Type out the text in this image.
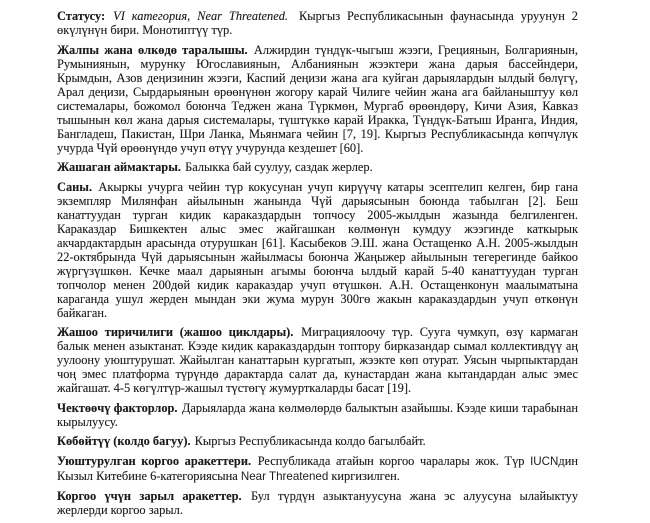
Статусу: VI категория, Near Threatened. Кыргыз Республикасынын фаунасында уруунун 2 өкүлүнүн бири. Монотиптүү түр.

Жалпы жана өлкөдө таралышы. Алжирдин түндүк-чыгыш жээги, Грециянын, Болгариянын, Румыниянын, мурунку Югославиянын, Албаниянын жээктери жана дарыя бассейндери, Крымдын, Азов деңизинин жээги, Каспий деңизи жана ага куйган дарыялардын ылдый бөлүгү, Арал деңизи, Сырдарыянын өрөөнүнөн жогору карай Чилиге чейин жана ага байланыштуу көл системалары, божомол боюнча Теджен жана Түркмөн, Мургаб өрөөндөрү, Кичи Азия, Кавказ тышынын көл жана дарыя системалары, түштүккө карай Иракка, Түндүк-Батыш Иранга, Индия, Бангладеш, Пакистан, Шри Ланка, Мьянмага чейин [7, 19]. Кыргыз Республикасында көпчүлүк учурда Чүй өрөөнүндө учуп өтүү учурунда кездешет [60].

Жашаган аймактары. Балыкка бай суулуу, саздак жерлер.

Саны. Акыркы учурга чейин түр кокусунан учуп кирүүчү катары эсептелип келген, бир гана экземпляр Милянфан айылынын жанында Чүй дарыясынын боюнда табылган [2]. Беш канаттуудан турган кидик караказдардын топчосу 2005-жылдын жазында белгиленген. Караказдар Бишкектен алыс эмес жайгашкан көлмөнүн кумдуу жээгинде каткырык акчардактардын арасында отурушкан [61]. Касыбеков Э.Ш. жана Остащенко А.Н. 2005-жылдын 22-октябрында Чүй дарыясынын жайылмасы боюнча Жаңыжер айылынын тегерегинде байкоо жүргүзүшкөн. Кечке маал дарыянын агымы боюнча ылдый карай 5-40 канаттуудан турган топчолор менен 200дөй кидик караказдар учуп өтүшкөн. А.Н. Остащенконун маалыматына караганда ушул жерден мындан эки жума мурун 300гө жакын караказдардын учуп өткөнүн байкаган.

Жашоо тиричилиги (жашоо циклдары). Миграциялоочу түр. Сууга чумкуп, өзү кармаган балык менен азыктанат. Кээде кидик караказдардын топтору бирказандар сымал коллективдүү аң уулоону уюштурушат. Жайылган канаттарын кургатып, жээкте көп отурат. Уясын чырпыктардан чоң эмес платформа түрүндө дарактарда салат да, кунастардан жана кытандардан алыс эмес жайгашат. 4-5 көгүлтүр-жашыл түстөгү жумурткаларды басат [19].

Чектөөчү факторлор. Дарыяларда жана көлмөлөрдө балыктын азайышы. Кээде киши тарабынан кырылуусу.

Көбөйтүү (колдо багуу). Кыргыз Республикасында колдо багылбайт.

Уюштурулган коргоо аракеттери. Республикада атайын коргоо чаралары жок. Түр IUCNдин Кызыл Китебине 6-категориясына Near Threatened киргизилген.

Коргоо үчүн зарыл аракеттер. Бул түрдүн азыктануусуна жана эс алуусуна ылайыктуу жерлерди коргоо зарыл.
